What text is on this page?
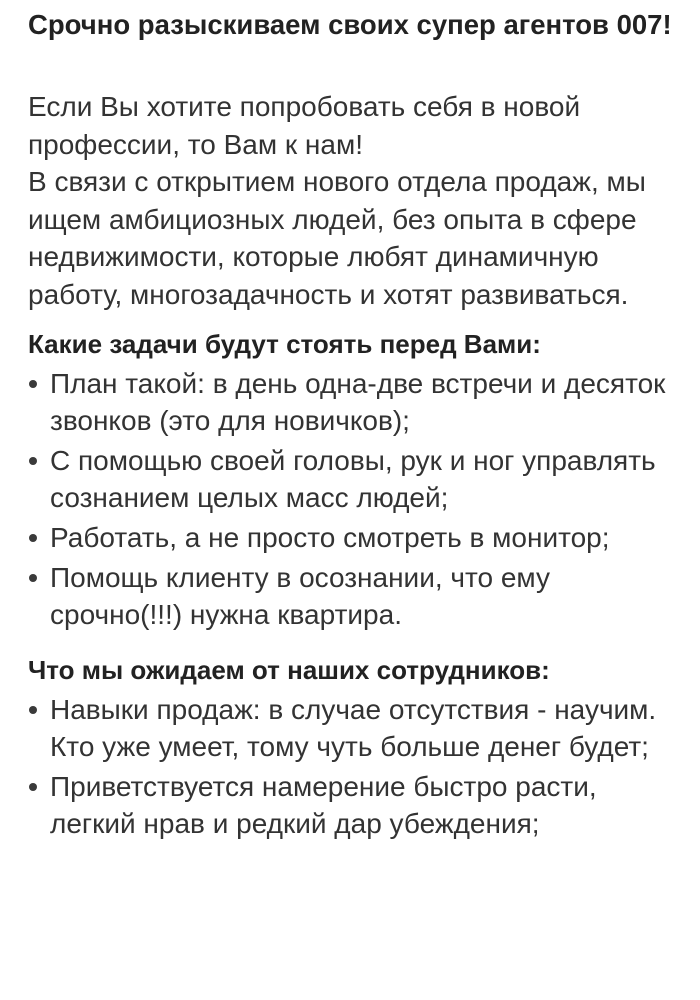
Срочно разыскиваем своих супер агентов 007!

Если Вы хотите попробовать себя в новой профессии, то Вам к нам!

В связи с открытием нового отдела продаж, мы ищем амбициозных людей, без опыта в сфере недвижимости, которые любят динамичную работу, многозадачность и хотят развиваться.

Какие задачи будут стоять перед Вами:
План такой: в день одна-две встречи и десяток звонков (это для новичков);
С помощью своей головы, рук и ног управлять сознанием целых масс людей;
Работать, а не просто смотреть в монитор;
Помощь клиенту в осознании, что ему срочно(!!!) нужна квартира.
Что мы ожидаем от наших сотрудников:
Навыки продаж: в случае отсутствия - научим. Кто уже умеет, тому чуть больше денег будет;
Приветствуется намерение быстро расти, легкий нрав и редкий дар убеждения;
